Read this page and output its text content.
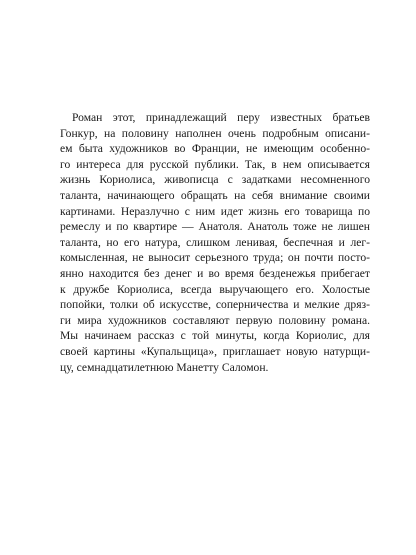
Роман этот, принадлежащий перу известных братьев
Гонкур, на половину наполнен очень подробным описани-
ем быта художников во Франции, не имеющим особенно-
го интереса для русской публики. Так, в нем описывается
жизнь Кориолиса, живописца с задатками несомненного
таланта, начинающего обращать на себя внимание своими
картинами. Неразлучно с ним идет жизнь его товарища по
ремеслу и по квартире — Анатоля. Анатоль тоже не лишен
таланта, но его натура, слишком ленивая, беспечная и лег-
комысленная, не выносит серьезного труда; он почти посто-
янно находится без денег и во время безденежья прибегает
к дружбе Кориолиса, всегда выручающего его. Холостые
попойки, толки об искусстве, соперничества и мелкие дряз-
ги мира художников составляют первую половину романа.
Мы начинаем рассказ с той минуты, когда Кориолис, для
своей картины «Купальщица», приглашает новую натурщи-
цу, семнадцатилетнюю Манетту Саломон.
